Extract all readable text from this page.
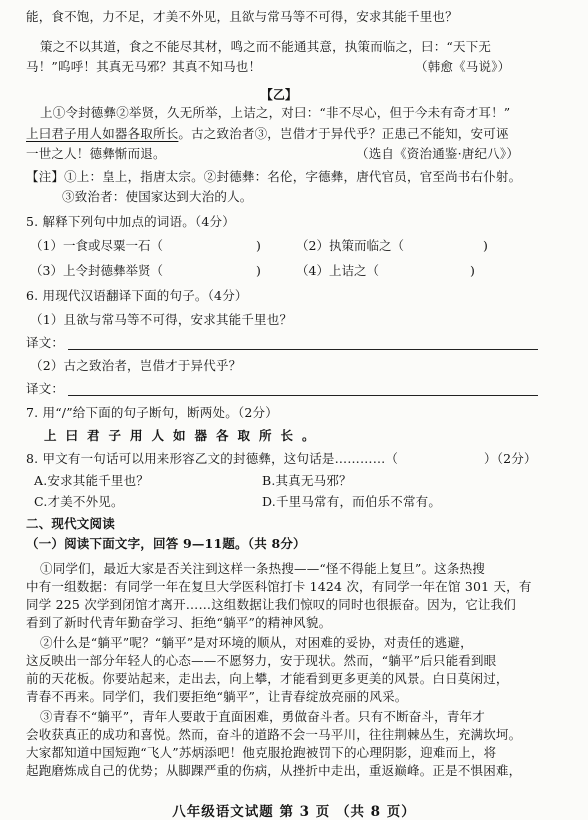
能，食不饱，力不足，才美不外见，且欲与常马等不可得，安求其能千里也？
策之不以其道，食之不能尽其材，鸣之而不能通其意，执策而临之，曰：“天下无
马！”呜呼！其真无马邪？其真不知马也！	（韩愈《马说》）
【乙】
上①令封德彝②举贤，久无所举，上诘之，对曰：“非不尽心，但于今未有奇才耳！”
上曰君子用人如器各取所长。古之致治者③，岂借才于异代乎？正患己不能知，安可诬
一世之人！德彝惭而退。	（选自《资治通鉴·唐纪八》）
【注】①上：皇上，指唐太宗。②封德彝：名伦，字德彝，唐代官员，官至尚书右仆射。
③致治者：使国家达到大治的人。
5. 解释下列句中加点的词语。（4分）
（1）一食或尽粟一石（	)	（2）执策而临之（	)
（3）上令封德彝举贤（	)	（4）上诘之（	)
6. 用现代汉语翻译下面的句子。（4分）
（1）且欲与常马等不可得，安求其能千里也？
译文：
（2）古之致治者，岂借才于异代乎？
译文：
7. 用“/”给下面的句子断句，断两处。（2分）
上曰君子用人如器各取所长。
8. 甲文有一句话可以用来形容乙文的封德彝，这句话是…………（	）（2分）
A.安求其能千里也？	B.其真无马邪？
C.才美不外见。	D.千里马常有，而伯乐不常有。
二、现代文阅读
（一）阅读下面文字，回答 9—11题。（共 8分）
①同学们，最近大家是否关注到这样一条热搜——“怪不得能上复旦”。这条热搜
中有一组数据：有同学一年在复旦大学医科馆打卡 1424 次，有同学一年在馆 301 天，有
同学 225 次学到闭馆才离开……这组数据让我们惊叹的同时也很振奋。因为，它让我们
看到了新时代青年勤奋学习、拒绝“躺平”的精神风貌。
②什么是“躺平”呢？“躺平”是对环境的顺从，对困难的妥协，对责任的逃避，
这反映出一部分年轻人的心态——不愿努力，安于现状。然而，“躺平”后只能看到眼
前的天花板。你要站起来，走出去，向上攀，才能看到更多更美的风景。白日莫闲过，
青春不再来。同学们，我们要拒绝“躺平”，让青春绽放亮丽的风采。
③青春不“躺平”，青年人要敢于直面困难，勇做奋斗者。只有不断奋斗，青年才
会收获真正的成功和喜悦。然而，奋斗的道路不会一马平川，往往荆棘丛生，充满坎坷。
大家都知道中国短跑“飞人”苏炳添吧！他克服抢跑被罚下的心理阴影，迎难而上，将
起跑磨炼成自己的优势；从脚踝严重的伤病，从挫折中走出，重返巅峰。正是不惧困难，
八年级语文试题 第 3 页 （共 8 页）
